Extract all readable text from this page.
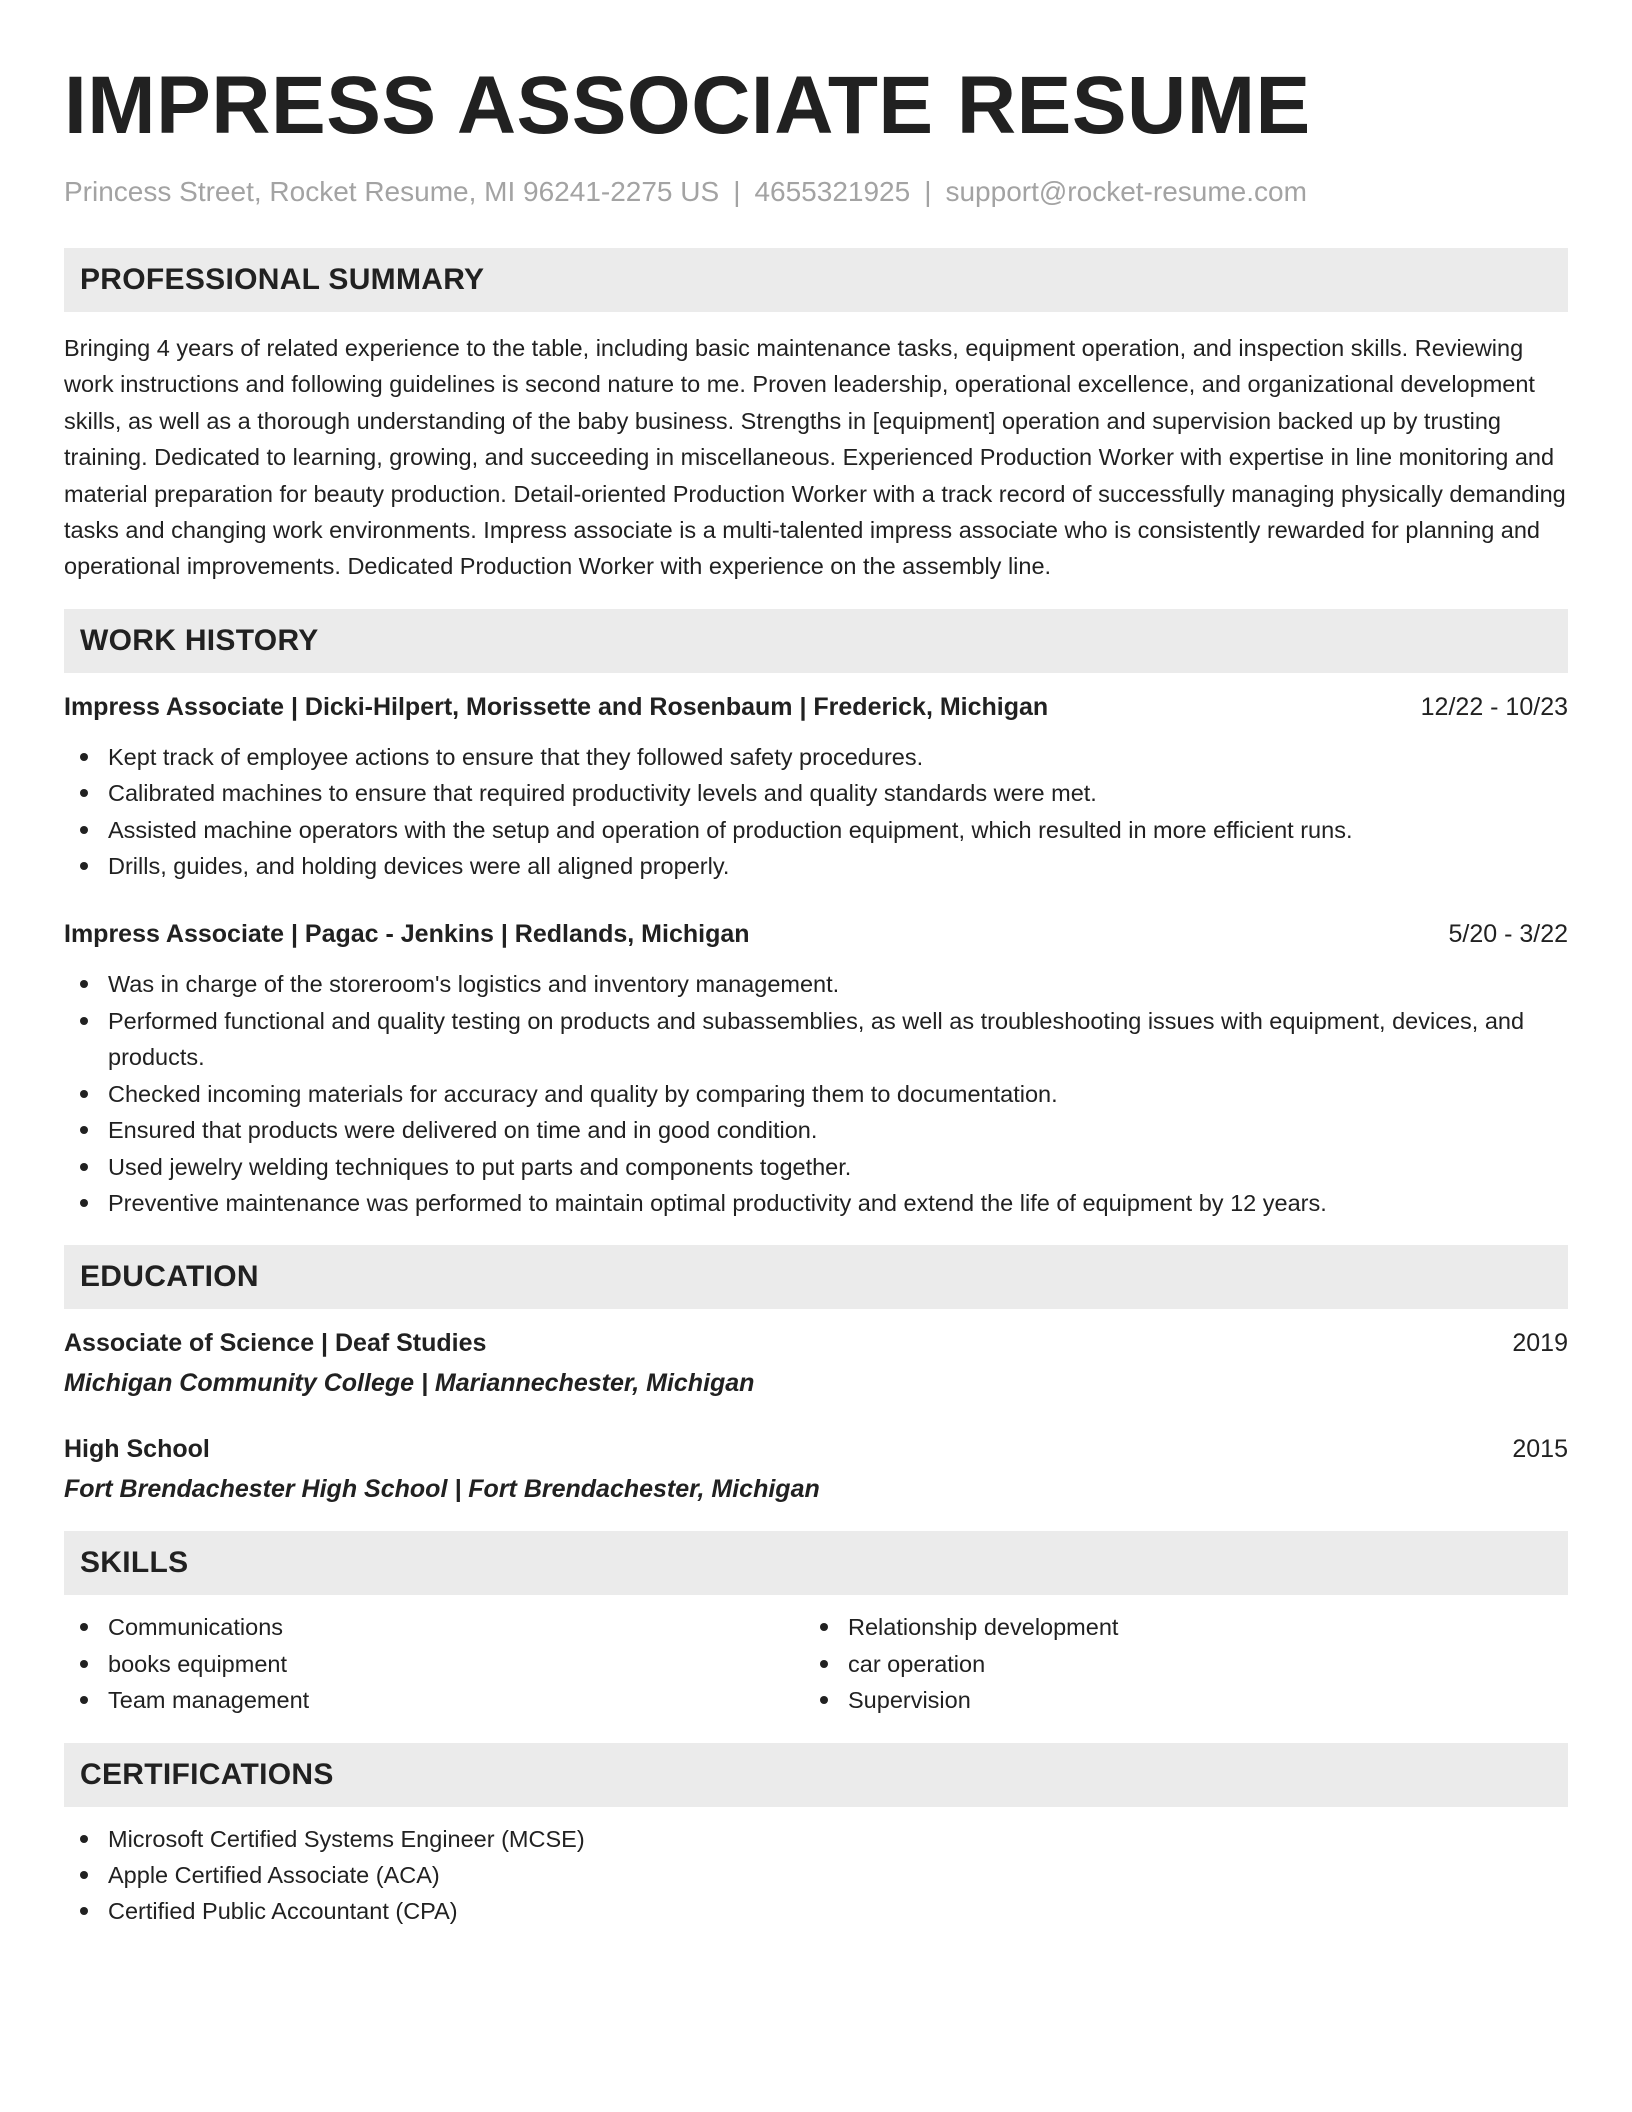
IMPRESS ASSOCIATE RESUME
Princess Street, Rocket Resume, MI 96241-2275 US | 4655321925 | support@rocket-resume.com
PROFESSIONAL SUMMARY
Bringing 4 years of related experience to the table, including basic maintenance tasks, equipment operation, and inspection skills. Reviewing work instructions and following guidelines is second nature to me. Proven leadership, operational excellence, and organizational development skills, as well as a thorough understanding of the baby business. Strengths in [equipment] operation and supervision backed up by trusting training. Dedicated to learning, growing, and succeeding in miscellaneous. Experienced Production Worker with expertise in line monitoring and material preparation for beauty production. Detail-oriented Production Worker with a track record of successfully managing physically demanding tasks and changing work environments. Impress associate is a multi-talented impress associate who is consistently rewarded for planning and operational improvements. Dedicated Production Worker with experience on the assembly line.
WORK HISTORY
Impress Associate | Dicki-Hilpert, Morissette and Rosenbaum | Frederick, Michigan	12/22 - 10/23
Kept track of employee actions to ensure that they followed safety procedures.
Calibrated machines to ensure that required productivity levels and quality standards were met.
Assisted machine operators with the setup and operation of production equipment, which resulted in more efficient runs.
Drills, guides, and holding devices were all aligned properly.
Impress Associate | Pagac - Jenkins | Redlands, Michigan	5/20 - 3/22
Was in charge of the storeroom's logistics and inventory management.
Performed functional and quality testing on products and subassemblies, as well as troubleshooting issues with equipment, devices, and products.
Checked incoming materials for accuracy and quality by comparing them to documentation.
Ensured that products were delivered on time and in good condition.
Used jewelry welding techniques to put parts and components together.
Preventive maintenance was performed to maintain optimal productivity and extend the life of equipment by 12 years.
EDUCATION
Associate of Science | Deaf Studies	2019
Michigan Community College | Mariannechester, Michigan
High School	2015
Fort Brendachester High School | Fort Brendachester, Michigan
SKILLS
Communications
books equipment
Team management
Relationship development
car operation
Supervision
CERTIFICATIONS
Microsoft Certified Systems Engineer (MCSE)
Apple Certified Associate (ACA)
Certified Public Accountant (CPA)
